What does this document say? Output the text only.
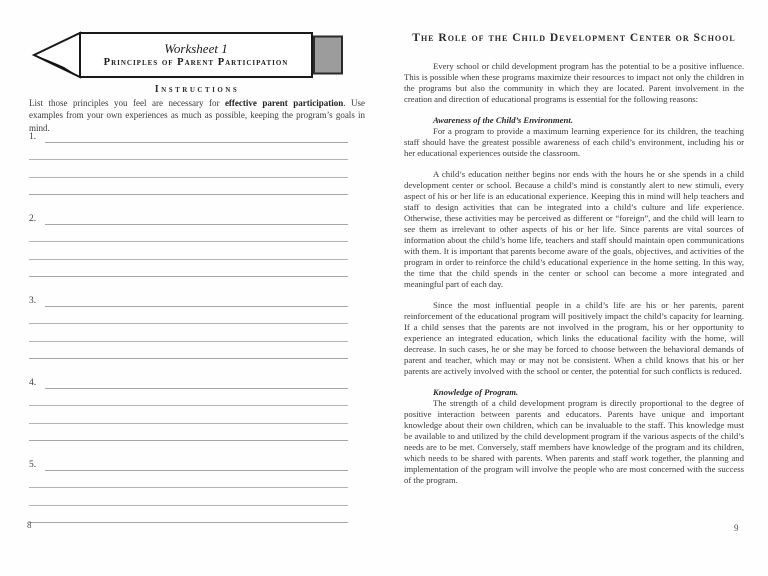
Worksheet 1
Principles of Parent Participation
Instructions

List those principles you feel are necessary for effective parent participation. Use examples from your own experiences as much as possible, keeping the program’s goals in mind.

1.
2.
3.
4.
5.
8
The Role of the Child Development Center or School

Every school or child development program has the potential to be a positive influence. This is possible when these programs maximize their resources to impact not only the children in the programs but also the community in which they are located. Parent involvement in the creation and direction of educational programs is essential for the following reasons:

Awareness of the Child’s Environment.

For a program to provide a maximum learning experience for its children, the teaching staff should have the greatest possible awareness of each child’s environment, including his or her educational experiences outside the classroom.

A child’s education neither begins nor ends with the hours he or she spends in a child development center or school. Because a child’s mind is constantly alert to new stimuli, every aspect of his or her life is an educational experience. Keeping this in mind will help teachers and staff to design activities that can be integrated into a child’s culture and life experience. Otherwise, these activities may be perceived as different or “foreign”, and the child will learn to see them as irrelevant to other aspects of his or her life. Since parents are vital sources of information about the child’s home life, teachers and staff should maintain open communications with them. It is important that parents become aware of the goals, objectives, and activities of the program in order to reinforce the child’s educational experience in the home setting. In this way, the time that the child spends in the center or school can become a more integrated and meaningful part of each day.

Since the most influential people in a child’s life are his or her parents, parent reinforcement of the educational program will positively impact the child’s capacity for learning. If a child senses that the parents are not involved in the program, his or her opportunity to experience an integrated education, which links the educational facility with the home, will decrease. In such cases, he or she may be forced to choose between the behavioral demands of parent and teacher, which may or may not be consistent. When a child knows that his or her parents are actively involved with the school or center, the potential for such conflicts is reduced.

Knowledge of Program.

The strength of a child development program is directly proportional to the degree of positive interaction between parents and educators. Parents have unique and important knowledge about their own children, which can be invaluable to the staff. This knowledge must be available to and utilized by the child development program if the various aspects of the child’s needs are to be met. Conversely, staff members have knowledge of the program and its children, which needs to be shared with parents. When parents and staff work together, the planning and implementation of the program will involve the people who are most concerned with the success of the program.

9
